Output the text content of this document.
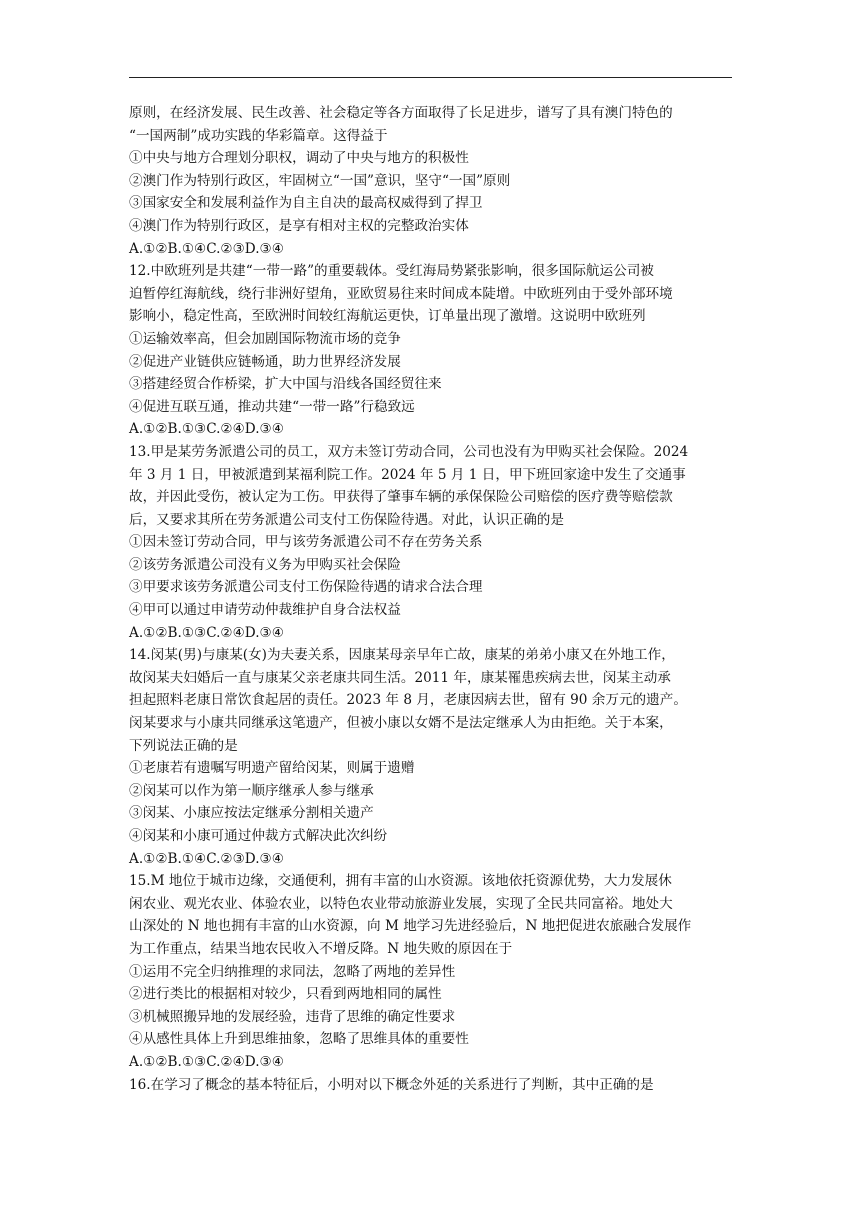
原则，在经济发展、民生改善、社会稳定等各方面取得了长足进步，谱写了具有澳门特色的
“一国两制”成功实践的华彩篇章。这得益于
①中央与地方合理划分职权，调动了中央与地方的积极性
②澳门作为特别行政区，牢固树立“一国”意识，坚守“一国”原则
③国家安全和发展利益作为自主自决的最高权威得到了捍卫
④澳门作为特别行政区，是享有相对主权的完整政治实体
A.①②B.①④C.②③D.③④
12.中欧班列是共建“一带一路”的重要载体。受红海局势紧张影响，很多国际航运公司被
迫暂停红海航线，绕行非洲好望角，亚欧贸易往来时间成本陡增。中欧班列由于受外部环境
影响小，稳定性高，至欧洲时间较红海航运更快，订单量出现了激增。这说明中欧班列
①运输效率高，但会加剧国际物流市场的竞争
②促进产业链供应链畅通，助力世界经济发展
③搭建经贸合作桥梁，扩大中国与沿线各国经贸往来
④促进互联互通，推动共建“一带一路”行稳致远
A.①②B.①③C.②④D.③④
13.甲是某劳务派遣公司的员工，双方未签订劳动合同，公司也没有为甲购买社会保险。2024
年 3 月 1 日，甲被派遣到某福利院工作。2024 年 5 月 1 日，甲下班回家途中发生了交通事
故，并因此受伤，被认定为工伤。甲获得了肇事车辆的承保保险公司赔偿的医疗费等赔偿款
后，又要求其所在劳务派遣公司支付工伤保险待遇。对此，认识正确的是
①因未签订劳动合同，甲与该劳务派遣公司不存在劳务关系
②该劳务派遣公司没有义务为甲购买社会保险
③甲要求该劳务派遣公司支付工伤保险待遇的请求合法合理
④甲可以通过申请劳动仲裁维护自身合法权益
A.①②B.①③C.②④D.③④
14.闵某(男)与康某(女)为夫妻关系，因康某母亲早年亡故，康某的弟弟小康又在外地工作，
故闵某夫妇婚后一直与康某父亲老康共同生活。2011 年，康某罹患疾病去世，闵某主动承
担起照料老康日常饮食起居的责任。2023 年 8 月，老康因病去世，留有 90 余万元的遗产。
闵某要求与小康共同继承这笔遗产，但被小康以女婿不是法定继承人为由拒绝。关于本案，
下列说法正确的是
①老康若有遗嘱写明遗产留给闵某，则属于遗赠
②闵某可以作为第一顺序继承人参与继承
③闵某、小康应按法定继承分割相关遗产
④闵某和小康可通过仲裁方式解决此次纠纷
A.①②B.①④C.②③D.③④
15.M 地位于城市边缘，交通便利，拥有丰富的山水资源。该地依托资源优势，大力发展休
闲农业、观光农业、体验农业，以特色农业带动旅游业发展，实现了全民共同富裕。地处大
山深处的 N 地也拥有丰富的山水资源，向 M 地学习先进经验后，N 地把促进农旅融合发展作
为工作重点，结果当地农民收入不增反降。N 地失败的原因在于
①运用不完全归纳推理的求同法，忽略了两地的差异性
②进行类比的根据相对较少，只看到两地相同的属性
③机械照搬异地的发展经验，违背了思维的确定性要求
④从感性具体上升到思维抽象，忽略了思维具体的重要性
A.①②B.①③C.②④D.③④
16.在学习了概念的基本特征后，小明对以下概念外延的关系进行了判断，其中正确的是
